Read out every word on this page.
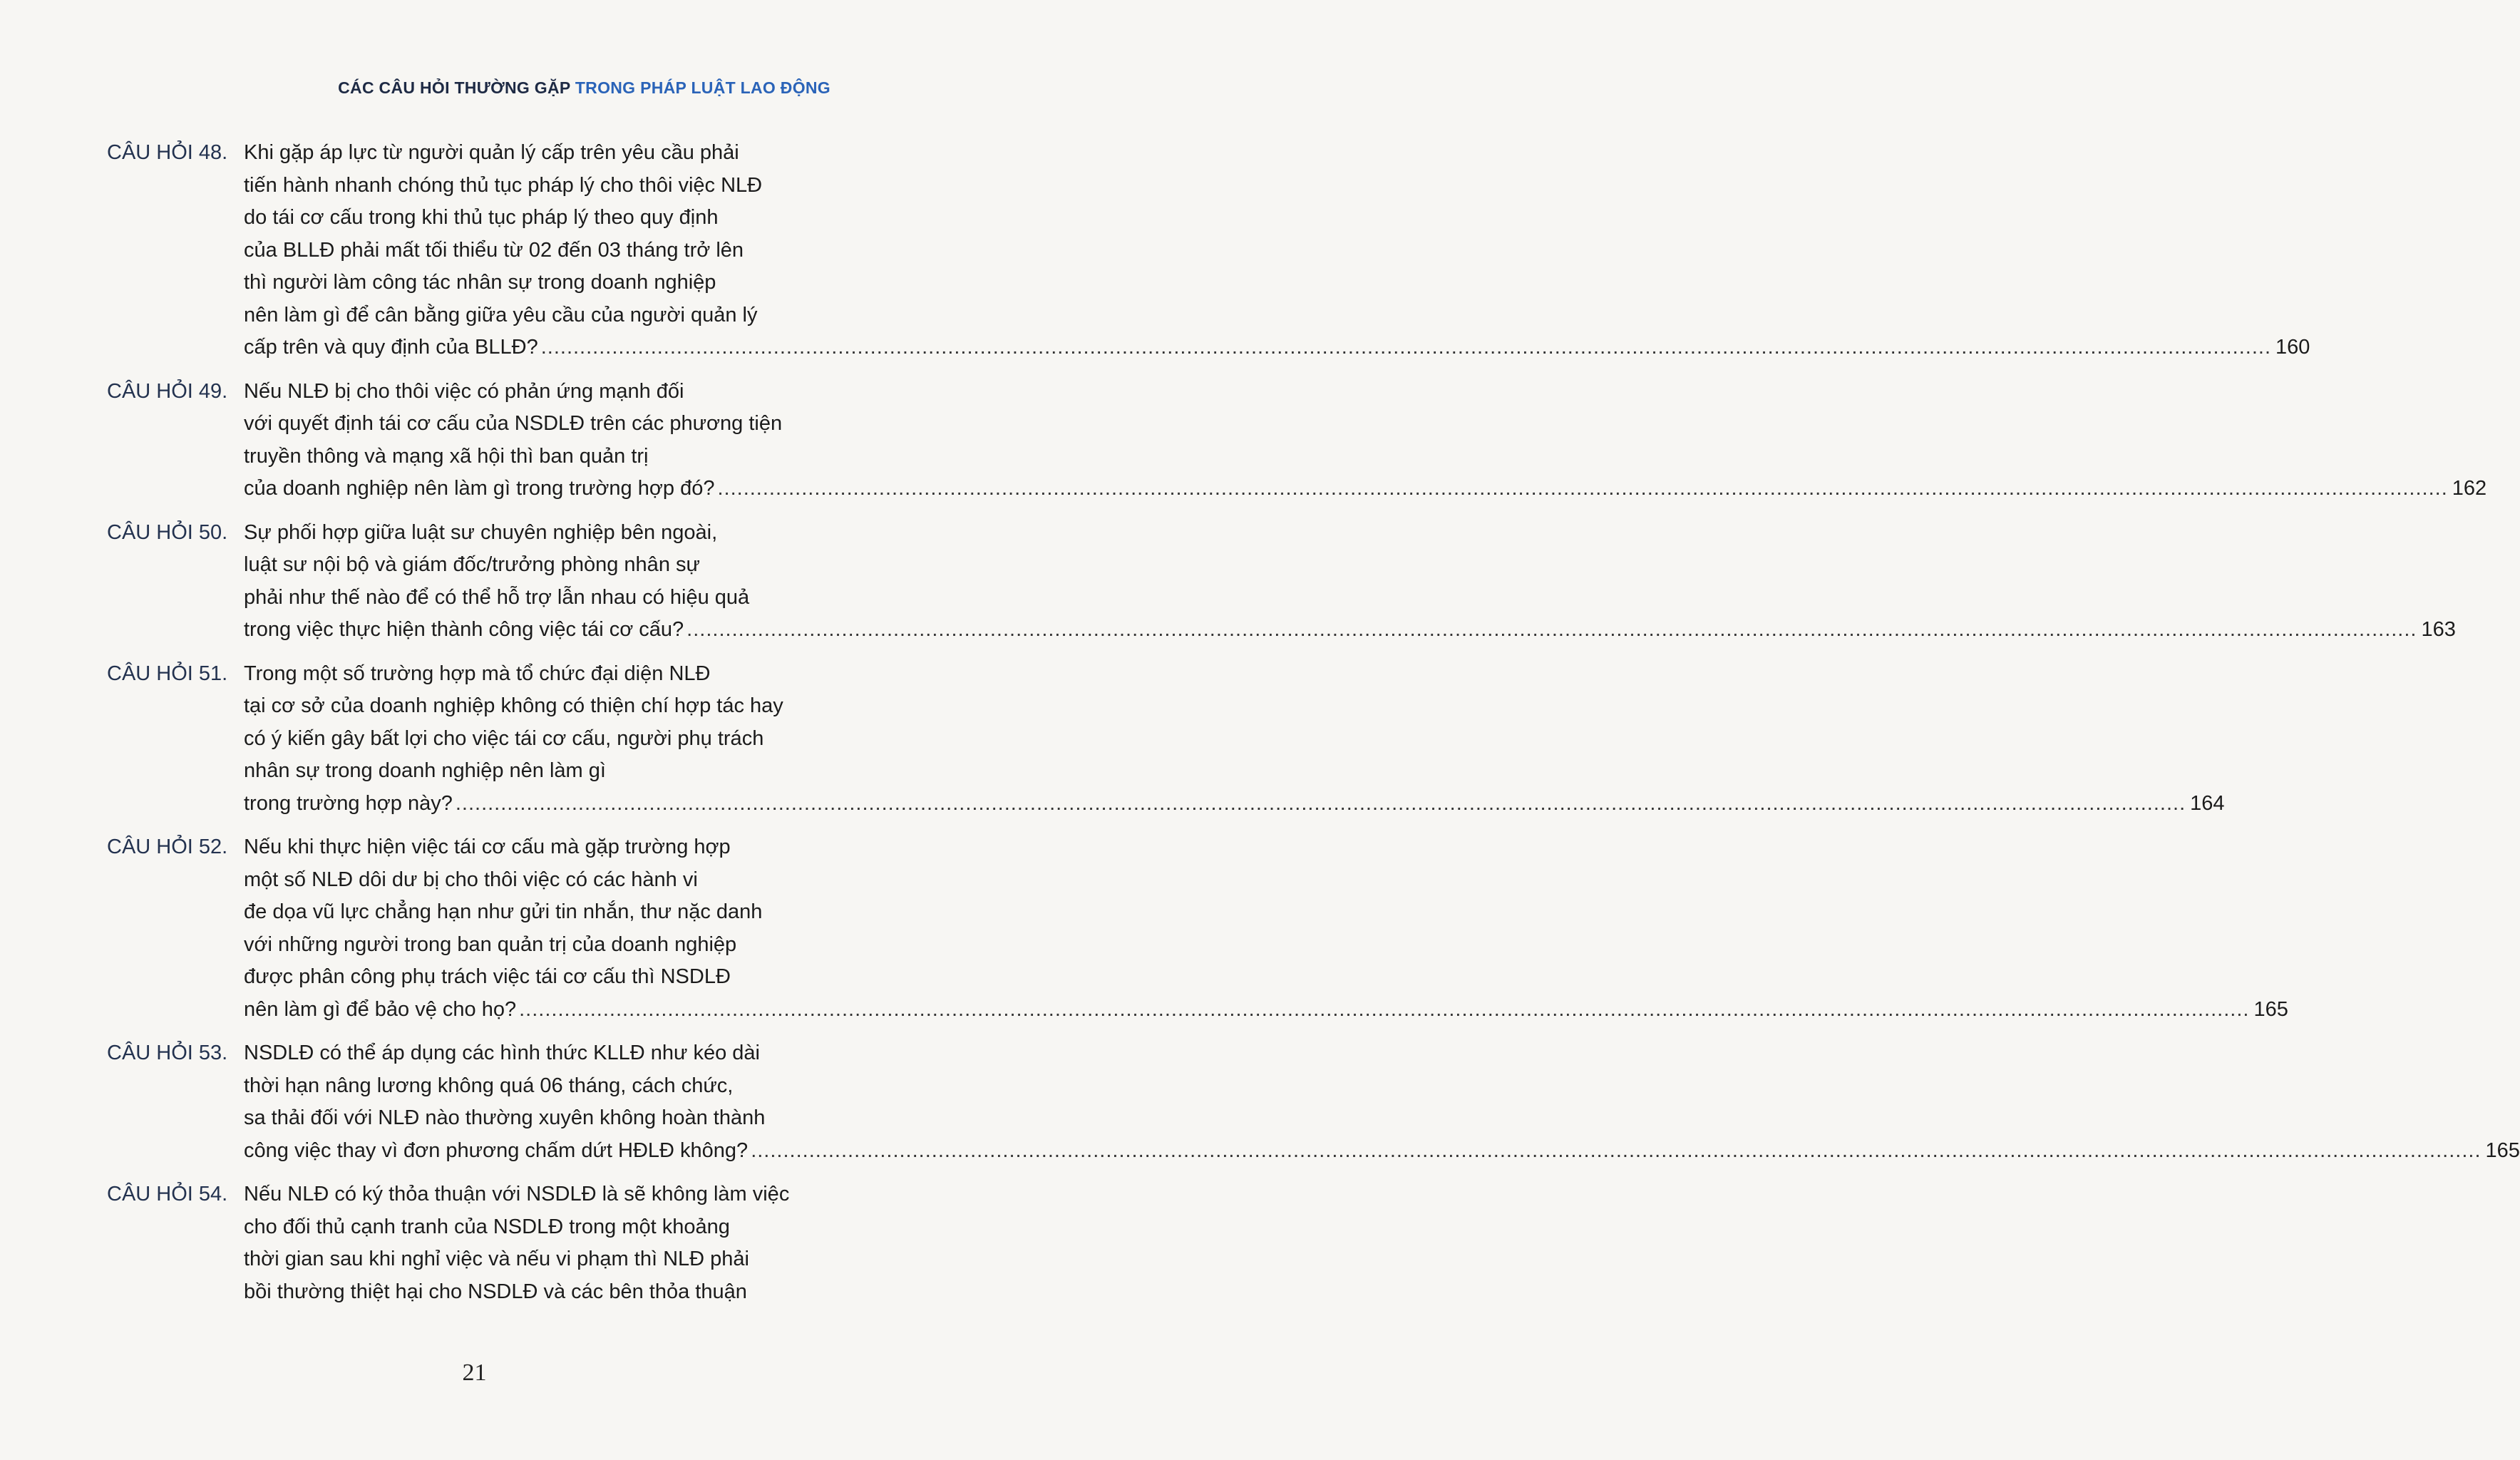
CÁC CÂU HỎI THƯỜNG GẶP TRONG PHÁP LUẬT LAO ĐỘNG
CÂU HỎI 48. Khi gặp áp lực từ người quản lý cấp trên yêu cầu phải
tiến hành nhanh chóng thủ tục pháp lý cho thôi việc NLĐ
do tái cơ cấu trong khi thủ tục pháp lý theo quy định
của BLLĐ phải mất tối thiểu từ 02 đến 03 tháng trở lên
thì người làm công tác nhân sự trong doanh nghiệp
nên làm gì để cân bằng giữa yêu cầu của người quản lý
cấp trên và quy định của BLLĐ? .....	160
CÂU HỎI 49. Nếu NLĐ bị cho thôi việc có phản ứng mạnh đối
với quyết định tái cơ cấu của NSDLĐ trên các phương tiện
truyền thông và mạng xã hội thì ban quản trị
của doanh nghiệp nên làm gì trong trường hợp đó? .....	162
CÂU HỎI 50. Sự phối hợp giữa luật sư chuyên nghiệp bên ngoài,
luật sư nội bộ và giám đốc/trưởng phòng nhân sự
phải như thế nào để có thể hỗ trợ lẫn nhau có hiệu quả
trong việc thực hiện thành công việc tái cơ cấu? .....	163
CÂU HỎI 51. Trong một số trường hợp mà tổ chức đại diện NLĐ
tại cơ sở của doanh nghiệp không có thiện chí hợp tác hay
có ý kiến gây bất lợi cho việc tái cơ cấu, người phụ trách
nhân sự trong doanh nghiệp nên làm gì
trong trường hợp này? .....	164
CÂU HỎI 52. Nếu khi thực hiện việc tái cơ cấu mà gặp trường hợp
một số NLĐ dôi dư bị cho thôi việc có các hành vi
đe dọa vũ lực chẳng hạn như gửi tin nhắn, thư nặc danh
với những người trong ban quản trị của doanh nghiệp
được phân công phụ trách việc tái cơ cấu thì NSDLĐ
nên làm gì để bảo vệ cho họ? .....	165
CÂU HỎI 53. NSDLĐ có thể áp dụng các hình thức KLLĐ như kéo dài
thời hạn nâng lương không quá 06 tháng, cách chức,
sa thải đối với NLĐ nào thường xuyên không hoàn thành
công việc thay vì đơn phương chấm dứt HĐLĐ không? .....	165
CÂU HỎI 54. Nếu NLĐ có ký thỏa thuận với NSDLĐ là sẽ không làm việc
cho đối thủ cạnh tranh của NSDLĐ trong một khoảng
thời gian sau khi nghỉ việc và nếu vi phạm thì NLĐ phải
bồi thường thiệt hại cho NSDLĐ và các bên thỏa thuận
21
